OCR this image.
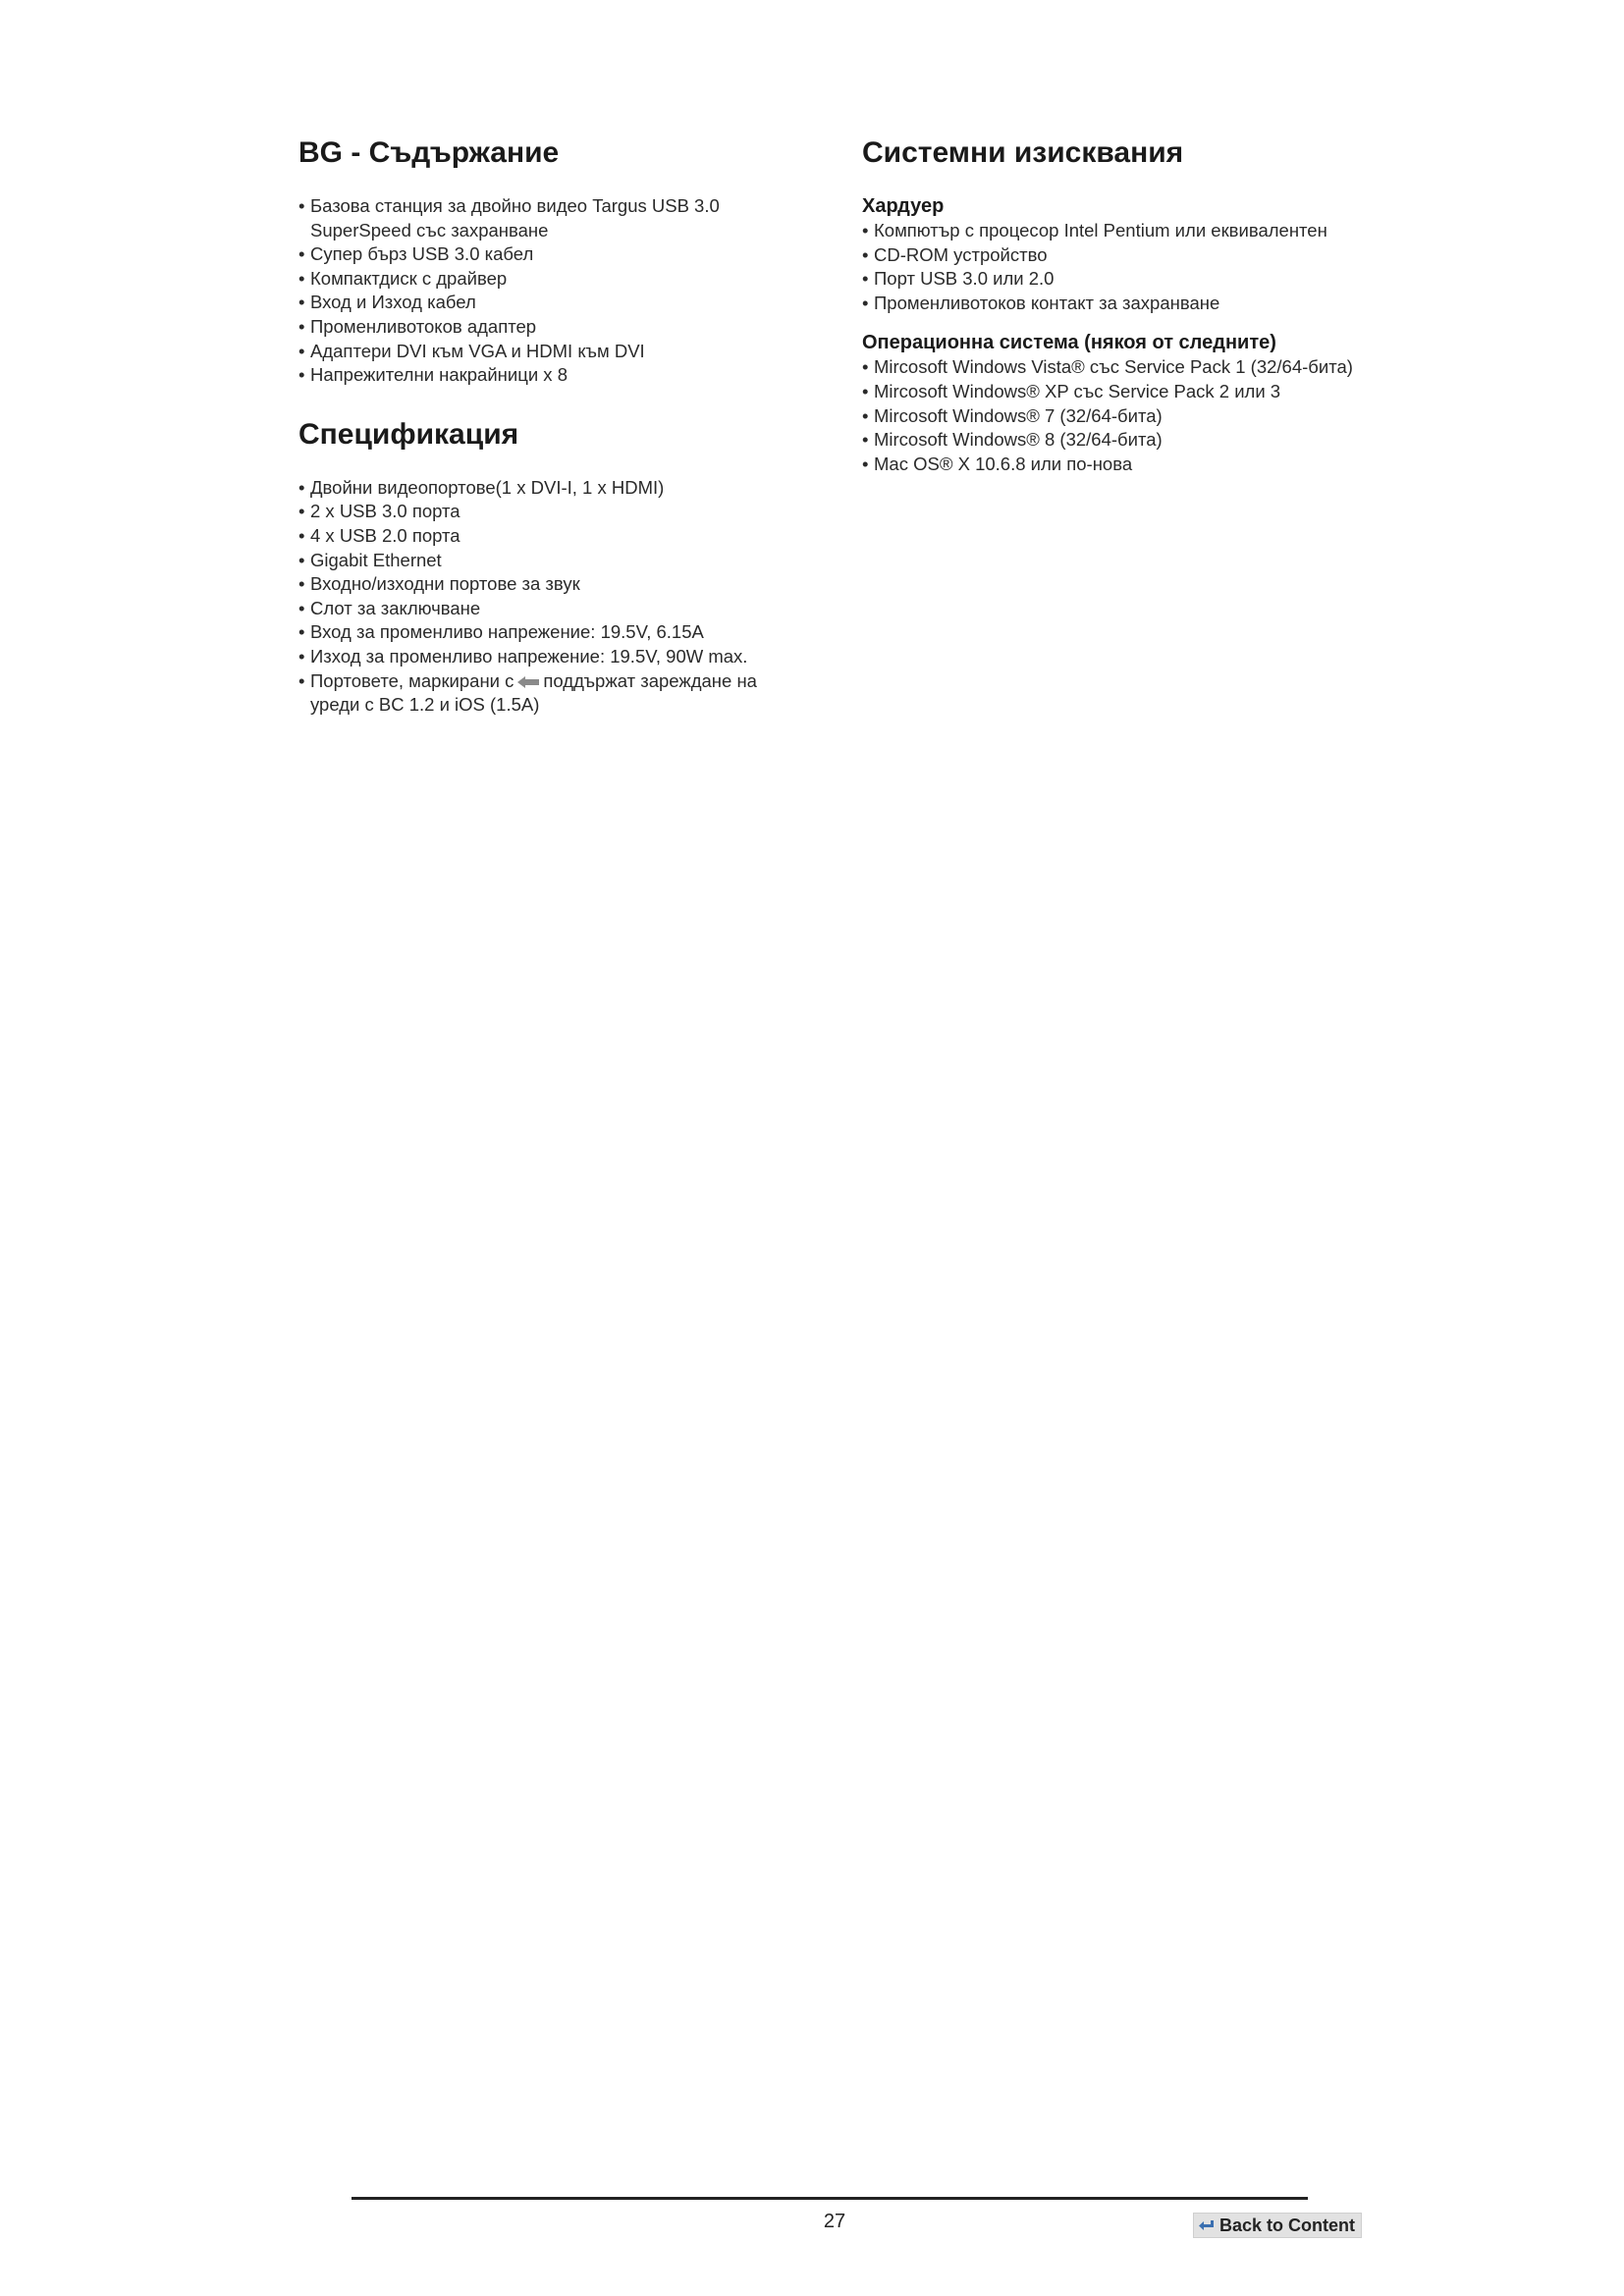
BG - Съдържание
• Базова станция за двойно видео Targus USB 3.0 SuperSpeed със захранване
• Супер бърз USB 3.0 кабел
• Компактдиск с драйвер
• Вход и Изход кабел
• Променливотоков адаптер
• Адаптери DVI към VGA и HDMI към DVI
• Напрежителни накрайници x 8
Спецификация
• Двойни видеопортове(1 x DVI-I, 1 x HDMI)
• 2 x USB 3.0 порта
• 4 x USB 2.0 порта
• Gigabit Ethernet
• Входно/изходни портове за звук
• Слот за заключване
• Вход за променливо напрежение: 19.5V, 6.15A
• Изход за променливо напрежение: 19.5V, 90W max.
• Портовете, маркирани с поддържат зареждане на уреди с BC 1.2 и iOS (1.5A)
Системни изисквания
Хардуер
• Компютър с процесор Intel Pentium или еквивалентен
• CD-ROM устройство
• Порт USB 3.0 или 2.0
• Променливотоков контакт за захранване
Операционна система (някоя от следните)
• Mircosoft Windows Vista® със Service Pack 1 (32/64-бита)
• Mircosoft Windows® XP със Service Pack 2 или 3
• Mircosoft Windows® 7 (32/64-бита)
• Mircosoft Windows® 8 (32/64-бита)
• Mac OS® X 10.6.8 или по-нова
27	Back to Content
